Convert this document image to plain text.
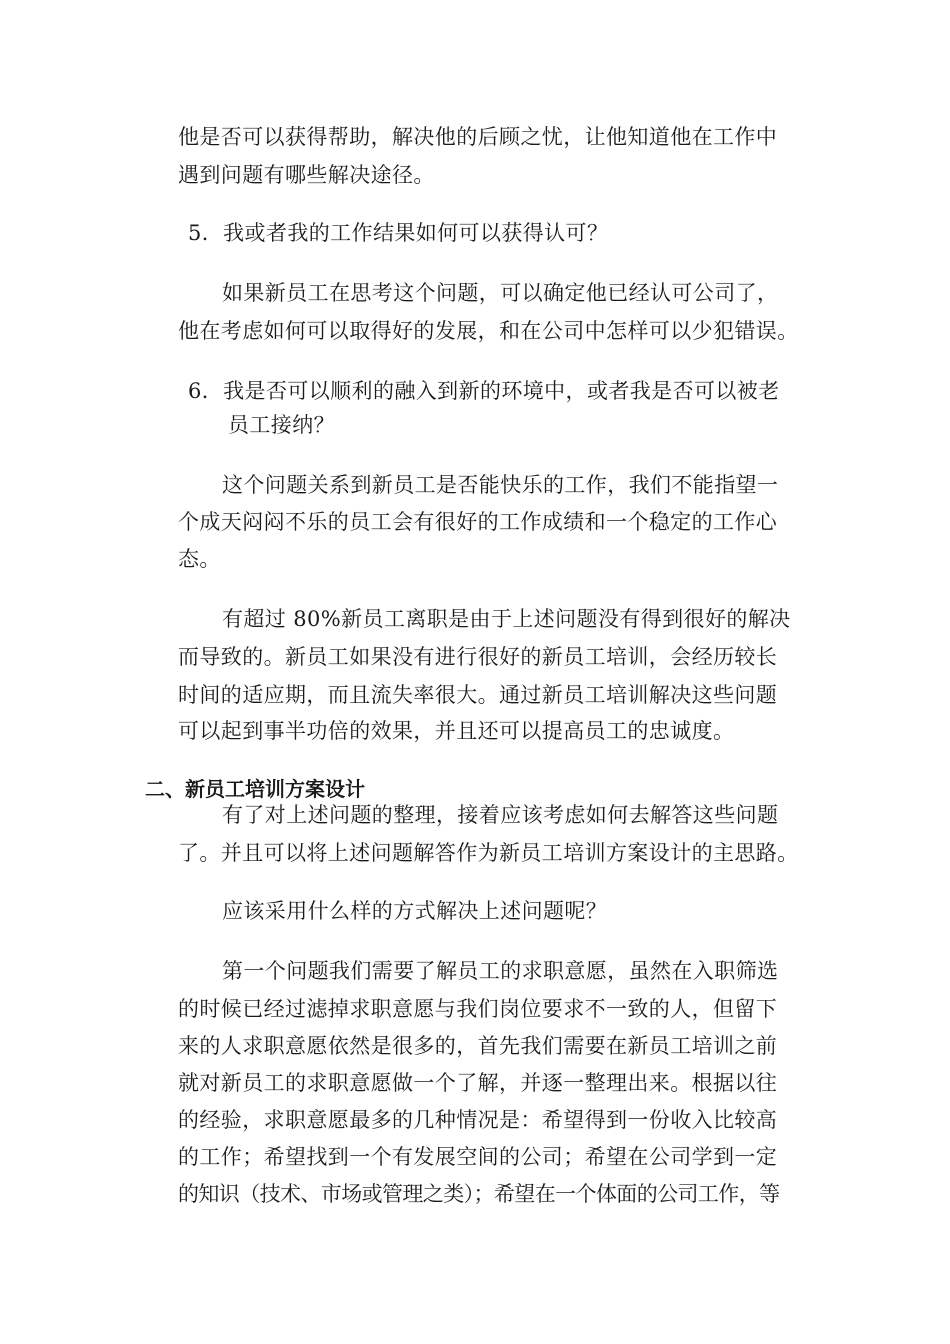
他是否可以获得帮助，解决他的后顾之忧，让他知道他在工作中
遇到问题有哪些解决途径。
5．我或者我的工作结果如何可以获得认可？
如果新员工在思考这个问题，可以确定他已经认可公司了，
他在考虑如何可以取得好的发展，和在公司中怎样可以少犯错误。
6．我是否可以顺利的融入到新的环境中，或者我是否可以被老
员工接纳？
这个问题关系到新员工是否能快乐的工作，我们不能指望一
个成天闷闷不乐的员工会有很好的工作成绩和一个稳定的工作心
态。
有超过 80%新员工离职是由于上述问题没有得到很好的解决
而导致的。新员工如果没有进行很好的新员工培训，会经历较长
时间的适应期，而且流失率很大。通过新员工培训解决这些问题
可以起到事半功倍的效果，并且还可以提高员工的忠诚度。
二、新员工培训方案设计
有了对上述问题的整理，接着应该考虑如何去解答这些问题
了。并且可以将上述问题解答作为新员工培训方案设计的主思路。
应该采用什么样的方式解决上述问题呢？
第一个问题我们需要了解员工的求职意愿，虽然在入职筛选
的时候已经过滤掉求职意愿与我们岗位要求不一致的人，但留下
来的人求职意愿依然是很多的，首先我们需要在新员工培训之前
就对新员工的求职意愿做一个了解，并逐一整理出来。根据以往
的经验，求职意愿最多的几种情况是：希望得到一份收入比较高
的工作；希望找到一个有发展空间的公司；希望在公司学到一定
的知识（技术、市场或管理之类）；希望在一个体面的公司工作，等
